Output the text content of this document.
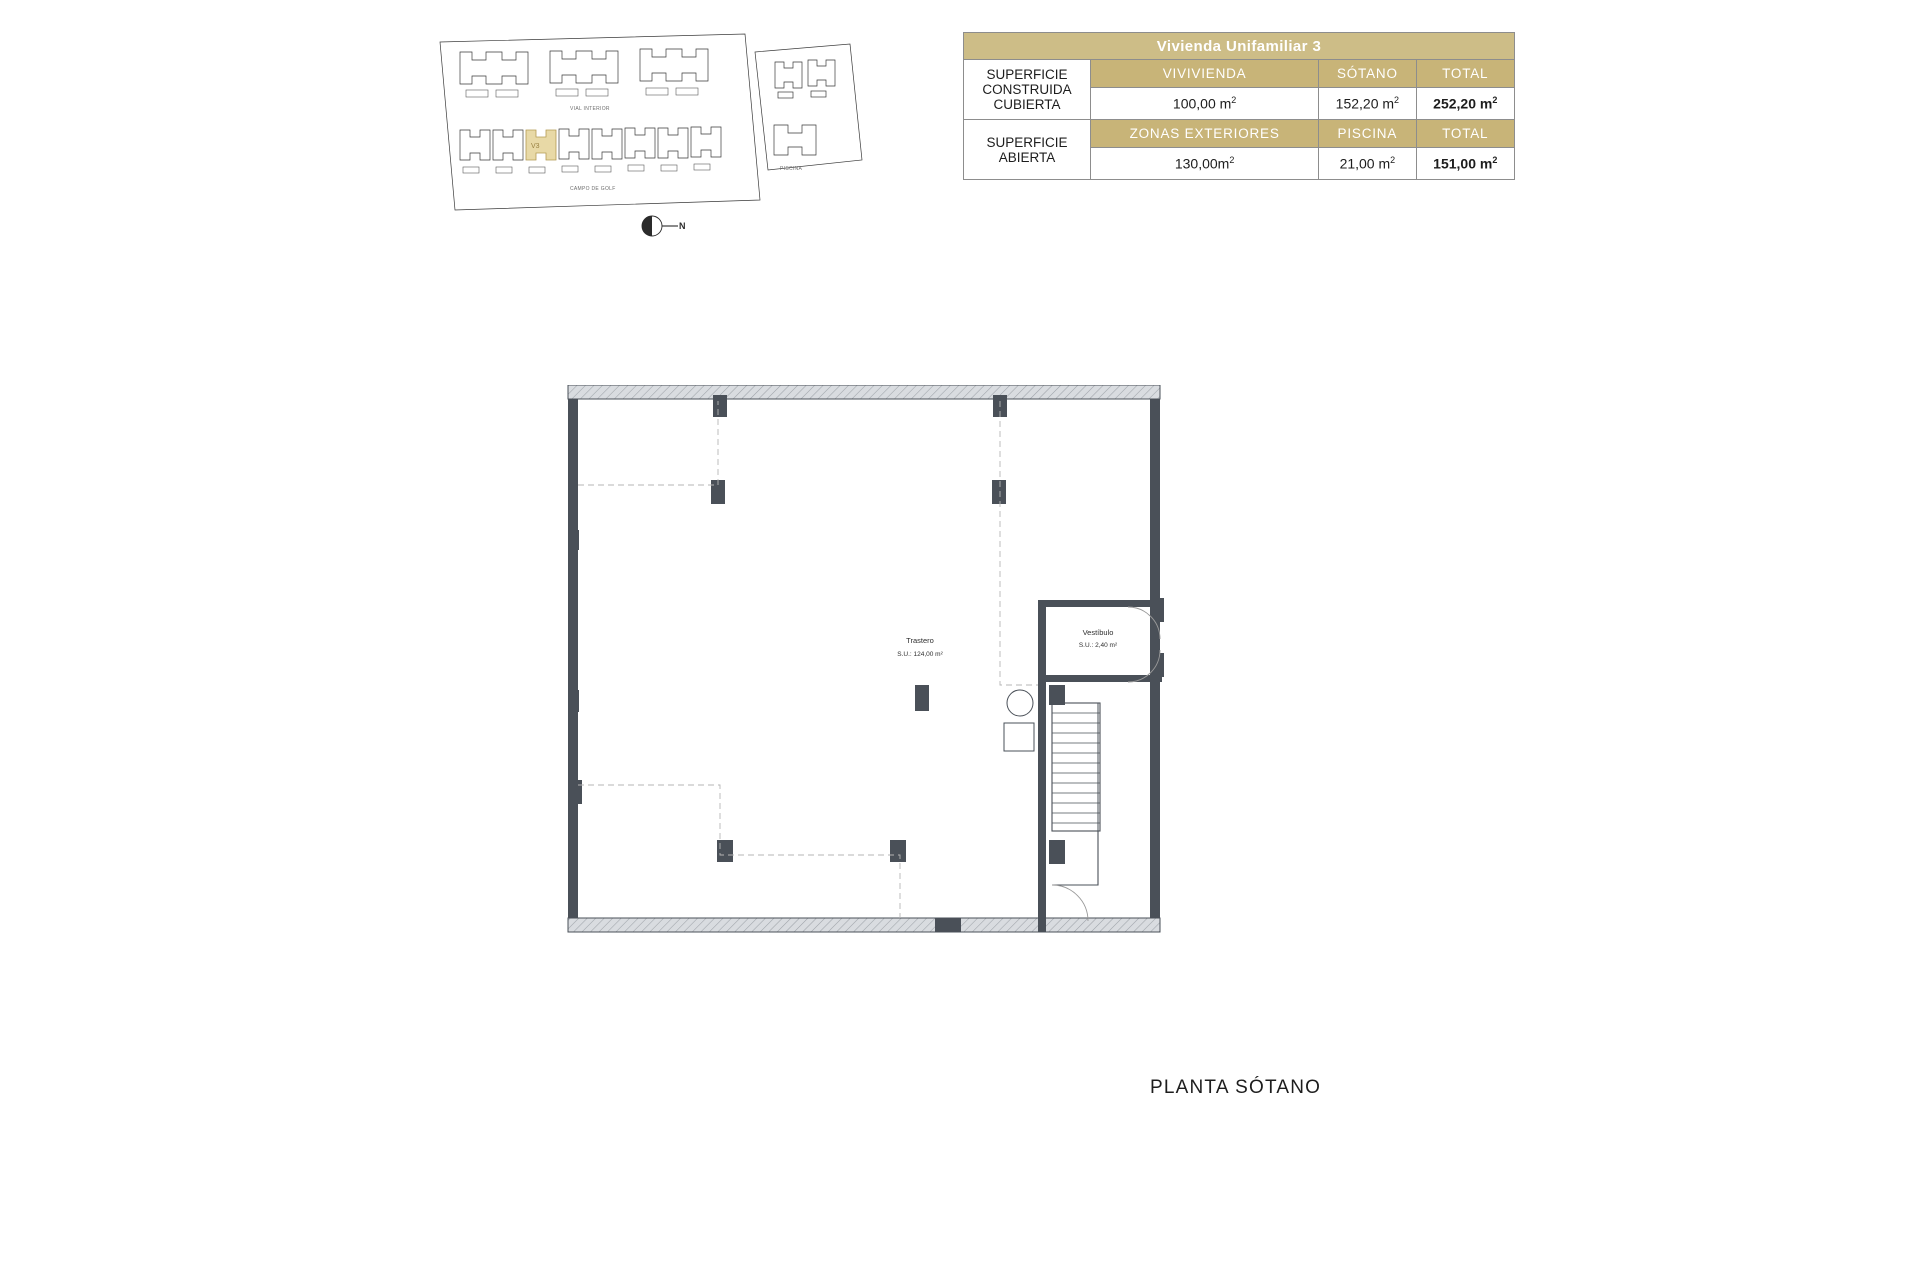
VIAL INTERIOR
V3
CAMPO DE GOLF
PISCINA
N
Vivienda Unifamiliar 3			
SUPERFICIE CONSTRUIDA CUBIERTA	VIVIVIENDA	SÓTANO	TOTAL
	100,00 $m^2$	152,20 $m^2$	252,20 $m^2$
SUPERFICIE ABIERTA	ZONAS EXTERIORES	PISCINA	TOTAL
	$130,00m^2$	21,00 $m^2$	151,00 $m^2$
Trastero
S.U.: 124,00 m²
Vestíbulo
S.U.: 2,40 m²
PLANTA SÓTANO
